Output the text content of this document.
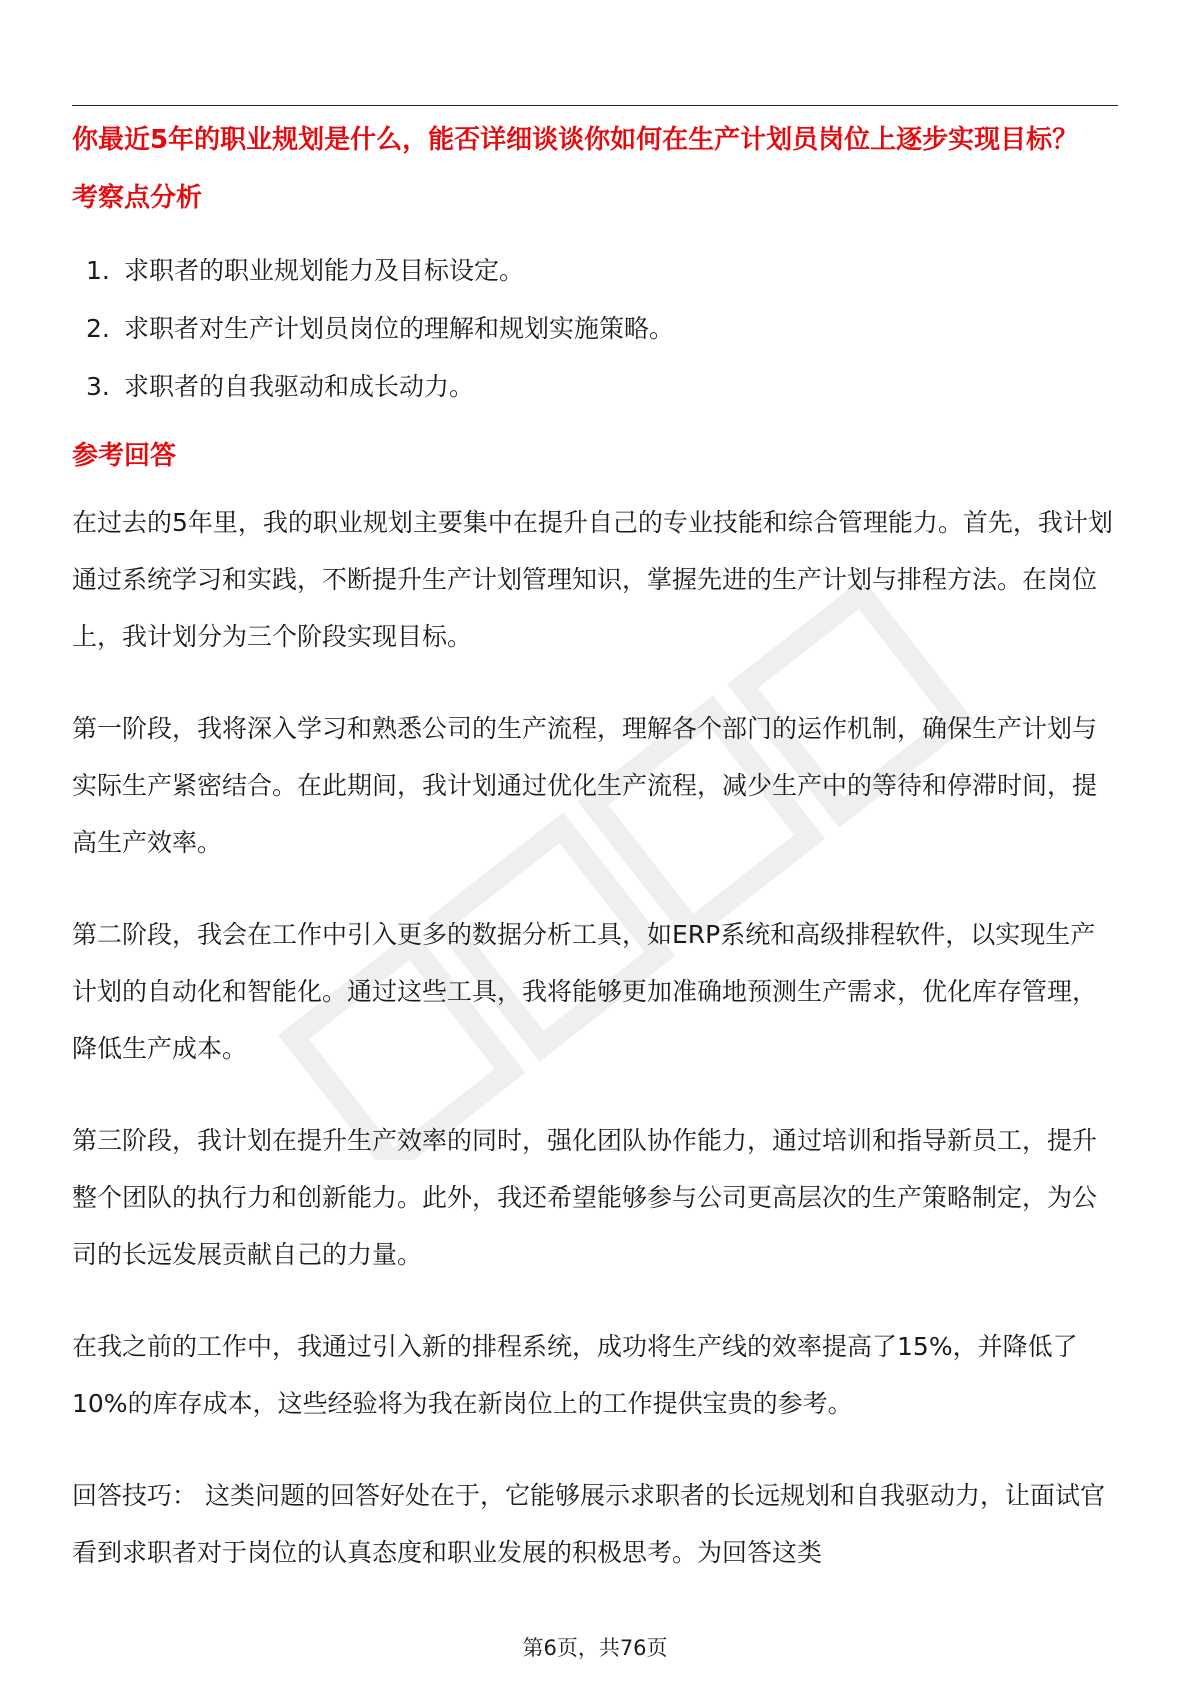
你最近5年的职业规划是什么，能否详细谈谈你如何在生产计划员岗位上逐步实现目标？
考察点分析
1. 求职者的职业规划能力及目标设定。
2. 求职者对生产计划员岗位的理解和规划实施策略。
3. 求职者的自我驱动和成长动力。
参考回答

在过去的5年里，我的职业规划主要集中在提升自己的专业技能和综合管理能力。首先，我计划通过系统学习和实践，不断提升生产计划管理知识，掌握先进的生产计划与排程方法。在岗位上，我计划分为三个阶段实现目标。

第一阶段，我将深入学习和熟悉公司的生产流程，理解各个部门的运作机制，确保生产计划与实际生产紧密结合。在此期间，我计划通过优化生产流程，减少生产中的等待和停滞时间，提高生产效率。

第二阶段，我会在工作中引入更多的数据分析工具，如ERP系统和高级排程软件，以实现生产计划的自动化和智能化。通过这些工具，我将能够更加准确地预测生产需求，优化库存管理，降低生产成本。

第三阶段，我计划在提升生产效率的同时，强化团队协作能力，通过培训和指导新员工，提升整个团队的执行力和创新能力。此外，我还希望能够参与公司更高层次的生产策略制定，为公司的长远发展贡献自己的力量。

在我之前的工作中，我通过引入新的排程系统，成功将生产线的效率提高了15%，并降低了10%的库存成本，这些经验将为我在新岗位上的工作提供宝贵的参考。

回答技巧： 这类问题的回答好处在于，它能够展示求职者的长远规划和自我驱动力，让面试官看到求职者对于岗位的认真态度和职业发展的积极思考。为回答这类

第6页，共76页
